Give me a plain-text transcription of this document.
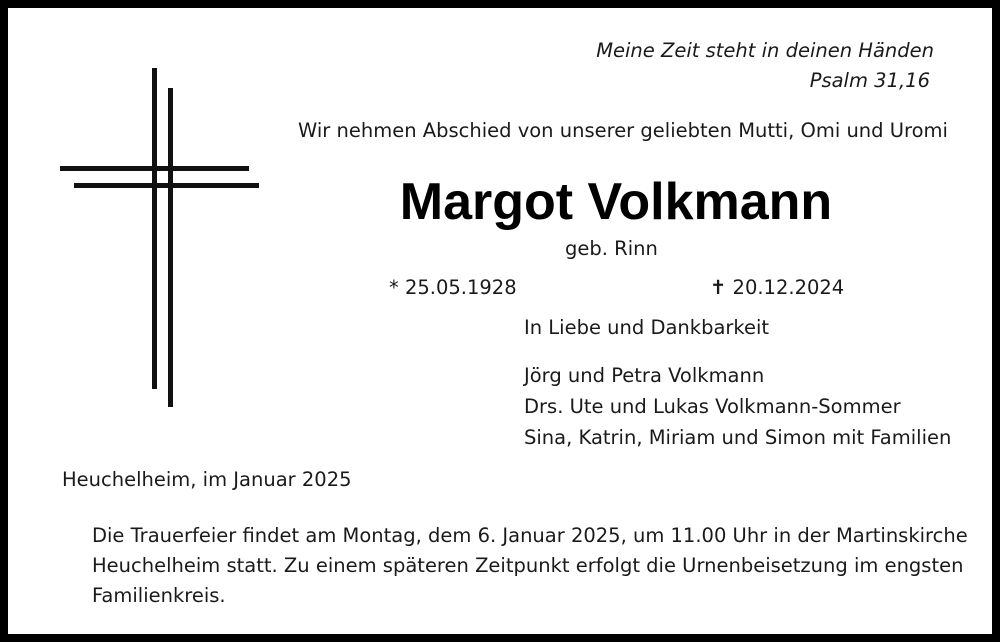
Meine Zeit steht in deinen Händen
Psalm 31,16
Wir nehmen Abschied von unserer geliebten Mutti, Omi und Uromi
Margot Volkmann
geb. Rinn
* 25.05.1928	✝ 20.12.2024
In Liebe und Dankbarkeit
Jörg und Petra Volkmann
Drs. Ute und Lukas Volkmann-Sommer
Sina, Katrin, Miriam und Simon mit Familien
Heuchelheim, im Januar 2025
Die Trauerfeier findet am Montag, dem 6. Januar 2025, um 11.00 Uhr in der Martinskirche
Heuchelheim statt. Zu einem späteren Zeitpunkt erfolgt die Urnenbeisetzung im engsten
Familienkreis.
